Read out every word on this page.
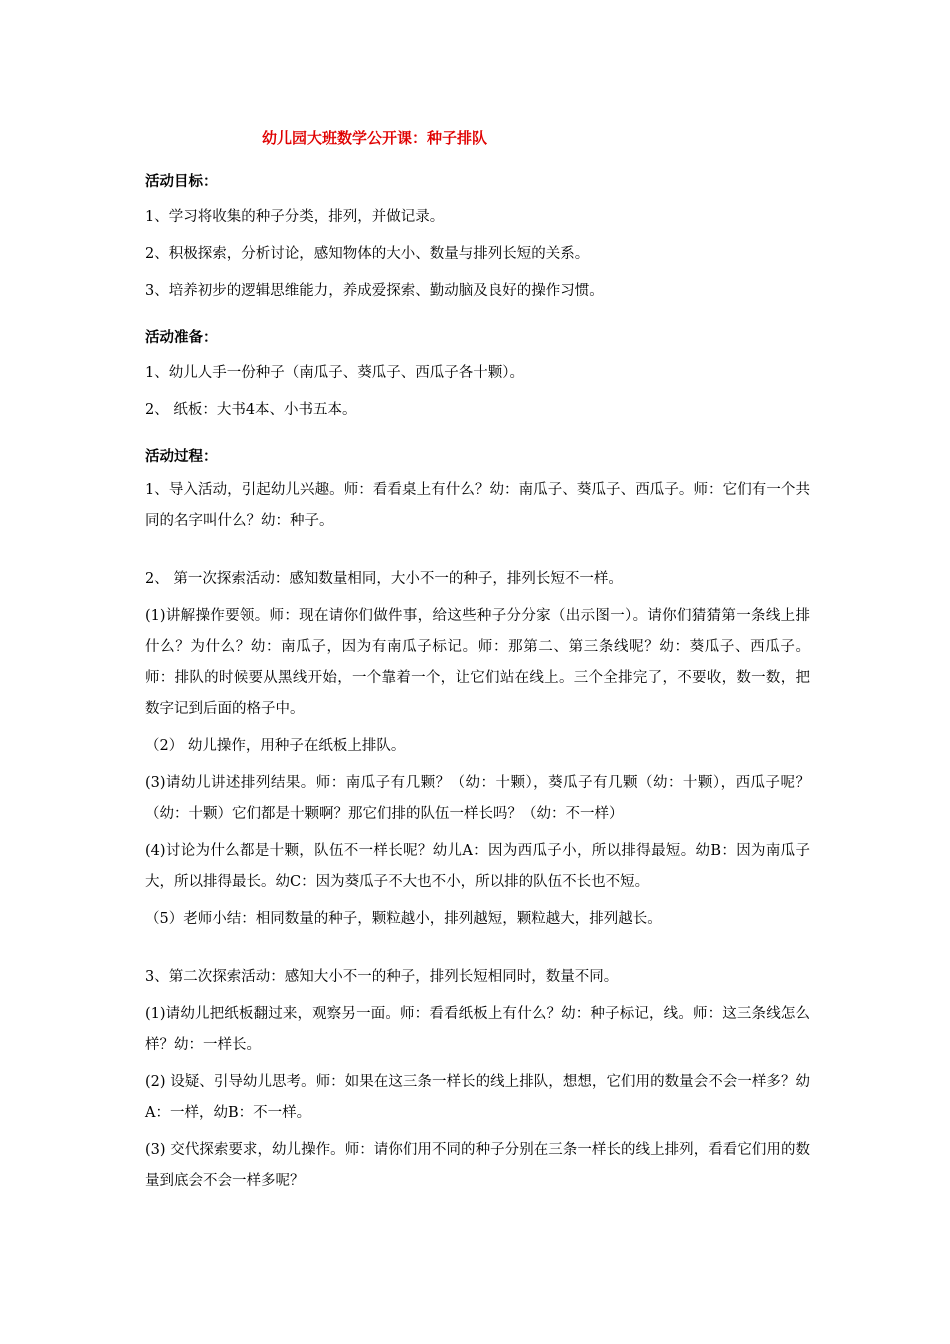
幼儿园大班数学公开课：种子排队
活动目标：
1、学习将收集的种子分类，排列，并做记录。
2、积极探索，分析讨论，感知物体的大小、数量与排列长短的关系。
3、培养初步的逻辑思维能力，养成爱探索、勤动脑及良好的操作习惯。
活动准备：
1、幼儿人手一份种子（南瓜子、葵瓜子、西瓜子各十颗）。
2、 纸板：大书4本、小书五本。
活动过程：
1、导入活动，引起幼儿兴趣。师：看看桌上有什么？幼：南瓜子、葵瓜子、西瓜子。师：它们有一个共同的名字叫什么？幼：种子。
2、 第一次探索活动：感知数量相同，大小不一的种子，排列长短不一样。
(1)讲解操作要领。师：现在请你们做件事，给这些种子分分家（出示图一）。请你们猜猜第一条线上排什么？为什么？幼：南瓜子，因为有南瓜子标记。师：那第二、第三条线呢？幼：葵瓜子、西瓜子。师：排队的时候要从黑线开始，一个靠着一个，让它们站在线上。三个全排完了，不要收，数一数，把数字记到后面的格子中。
（2） 幼儿操作，用种子在纸板上排队。
(3)请幼儿讲述排列结果。师：南瓜子有几颗？（幼：十颗），葵瓜子有几颗（幼：十颗），西瓜子呢？（幼：十颗）它们都是十颗啊？那它们排的队伍一样长吗？（幼：不一样）
(4)讨论为什么都是十颗，队伍不一样长呢？幼儿A：因为西瓜子小，所以排得最短。幼B：因为南瓜子大，所以排得最长。幼C：因为葵瓜子不大也不小，所以排的队伍不长也不短。
（5）老师小结：相同数量的种子，颗粒越小，排列越短，颗粒越大，排列越长。
3、第二次探索活动：感知大小不一的种子，排列长短相同时，数量不同。
(1)请幼儿把纸板翻过来，观察另一面。师：看看纸板上有什么？幼：种子标记，线。师：这三条线怎么样？幼：一样长。
(2) 设疑、引导幼儿思考。师：如果在这三条一样长的线上排队，想想，它们用的数量会不会一样多？幼A：一样，幼B：不一样。
(3) 交代探索要求，幼儿操作。师：请你们用不同的种子分别在三条一样长的线上排列，看看它们用的数量到底会不会一样多呢？
